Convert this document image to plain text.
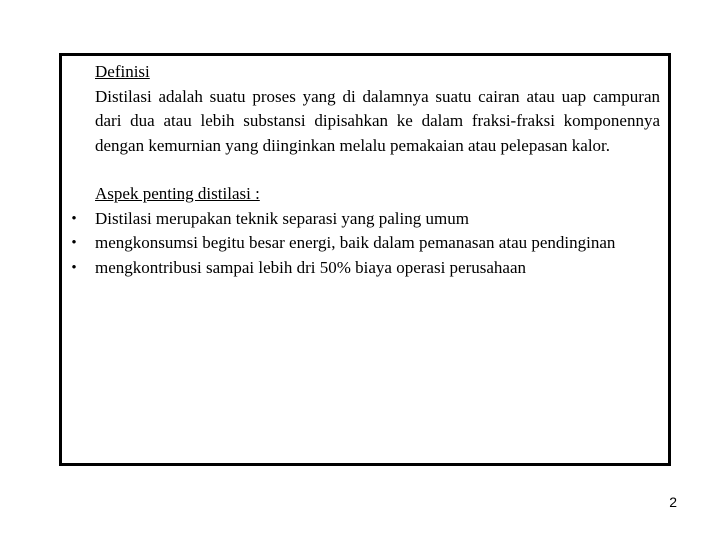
Definisi

Distilasi adalah suatu proses yang di dalamnya suatu cairan atau uap campuran dari dua atau lebih substansi dipisahkan ke dalam fraksi-fraksi komponennya dengan kemurnian yang diinginkan melalu pemakaian atau pelepasan kalor.

Aspek penting distilasi :

• Distilasi merupakan teknik separasi yang paling umum
• mengkonsumsi begitu besar energi, baik dalam pemanasan atau pendinginan
• mengkontribusi sampai lebih dri 50% biaya operasi perusahaan
2
